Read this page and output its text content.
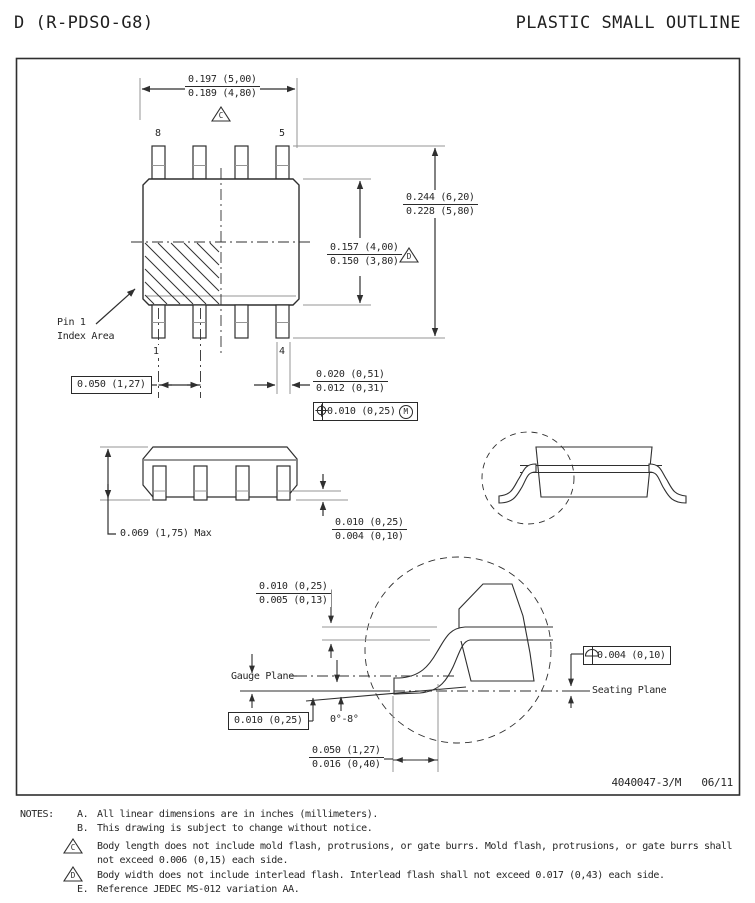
D (R-PDSO-G8)	PLASTIC SMALL OUTLINE
$\frac{0.197 (5,00)}{0.189 (4,80)}$
C
8	5
1	4
$\frac{0.244 (6,20)}{0.228 (5,80)}$
$\frac{0.157 (4,00)}{0.150 (3,80)}$ D
Pin 1
Index Area
0.050 (1,27)	$\frac{0.020 (0,51)}{0.012 (0,31)}$
0.010 (0,25)	M
0.069 (1,75) Max	$\frac{0.010 (0,25)}{0.004 (0,10)}$
$\frac{0.010 (0,25)}{0.005 (0,13)}$
Gauge Plane
0.010 (0,25)	0°-8°
$\frac{0.050 (1,27)}{0.016 (0,40)}$
0.004 (0,10)
Seating Plane
4040047-3/M 06/11
NOTES: A. All linear dimensions are in inches (millimeters).
B. This drawing is subject to change without notice.
C	Body length does not include mold flash, protrusions, or gate burrs. Mold flash, protrusions, or gate burrs shall
not exceed 0.006 (0,15) each side.
D	Body width does not include interlead flash. Interlead flash shall not exceed 0.017 (0,43) each side.
E. Reference JEDEC MS-012 variation AA.
